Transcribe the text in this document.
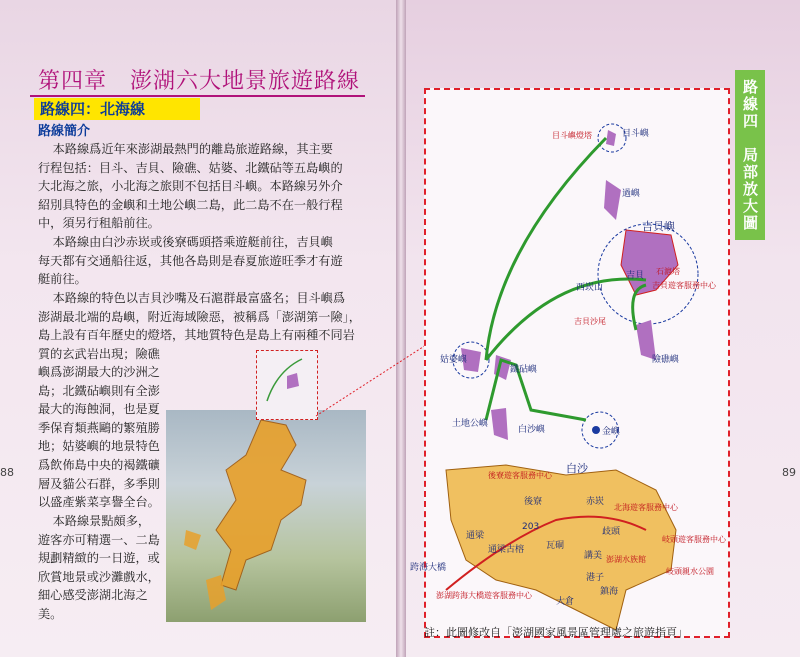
第四章　澎湖六大地景旅遊路線
路線四：北海線
路線簡介
本路線爲近年來澎湖最熱門的離島旅遊路線，其主要
行程包括：目斗、吉貝、險礁、姑婆、北鐵砧等五島嶼的
大北海之旅，小北海之旅則不包括目斗嶼。本路線另外介
紹別具特色的金嶼和土地公嶼二島，此二島不在一般行程
中，須另行租船前往。
本路線由白沙赤崁或後寮碼頭搭乘遊艇前往，吉貝嶼
每天都有交通船往返，其他各島則是春夏旅遊旺季才有遊
艇前往。
本路線的特色以吉貝沙嘴及石滬群最富盛名；目斗嶼爲
澎湖最北端的島嶼，附近海域險惡，被稱爲「澎湖第一險」，
島上設有百年歷史的燈塔，其地質特色是島上有兩種不同岩
質的玄武岩出現；險礁
嶼爲澎湖最大的沙洲之
島；北鐵砧嶼則有全澎
最大的海蝕洞，也是夏
季保育類燕鷗的繁殖勝
地；姑婆嶼的地景特色
爲飲佈島中央的褐鐵礦
層及貓公石群，多季則
以盛產紫菜享譽全台。
本路線景點頗多，
遊客亦可精選一、二島
規劃精緻的一日遊，或
欣賞地景或沙灘戲水，
細心感受澎湖北海之
美。
88	89
路線四　局部放大圖
目斗嶼燈塔	目斗嶼
過嶼
吉貝嶼
吉貝
西崁山
石滬塔
吉貝遊客服務中心
吉貝沙尾
險礁嶼
姑婆嶼
鐵砧嶼
土地公嶼
白沙嶼	金嶼
白沙
後寮遊客服務中心
後寮	赤崁
北海遊客服務中心
通梁
通梁古榕
歧頭
瓦硐
講美 澎湖水族館
岐頭遊客服務中心
岐頭親水公園
港子
鎮海
大倉
跨海大橋
澎湖跨海大橋遊客服務中心
203
註：此圖修改自「澎湖國家風景區管理處之旅遊指頁」
